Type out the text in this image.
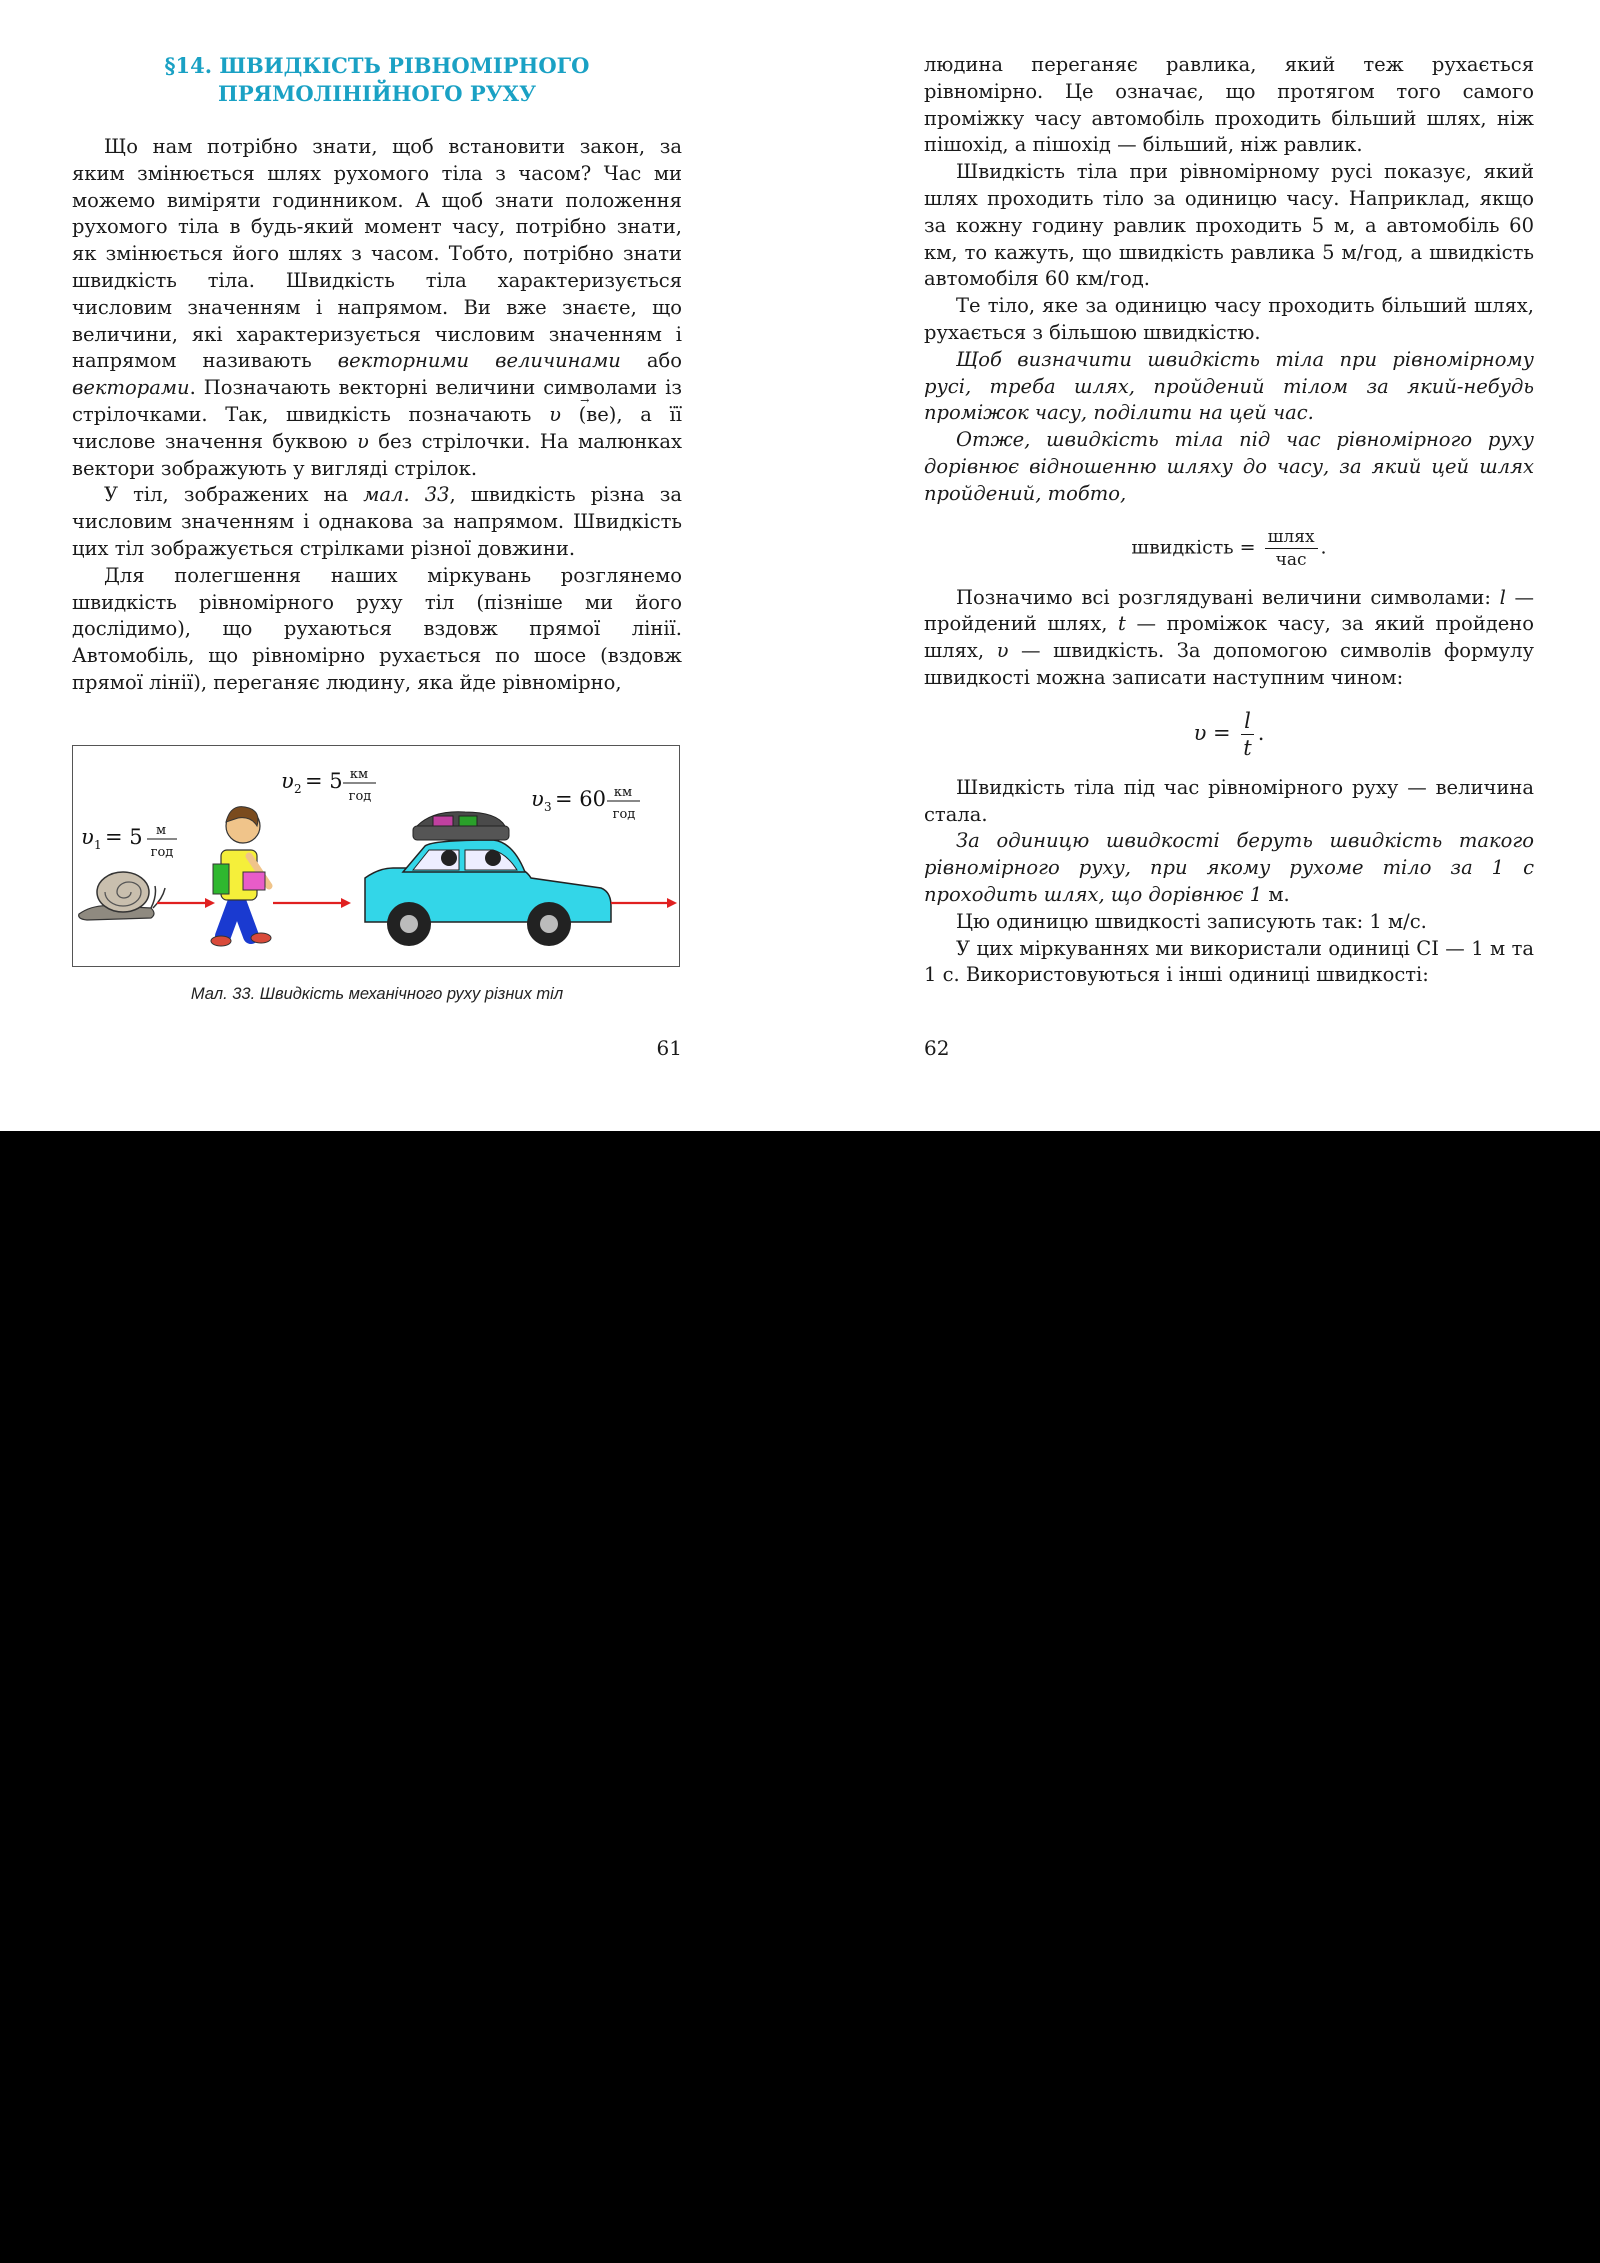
§14. ШВИДКІСТЬ РІВНОМІРНОГО
ПРЯМОЛІНІЙНОГО РУХУ

Що нам потрібно знати, щоб встановити закон, за яким змінюється шлях рухомого тіла з часом? Час ми можемо виміряти годинником. А щоб знати положення рухомого тіла в будь-який момент часу, потрібно знати, як змінюється його шлях з часом. Тобто, потрібно знати швидкість тіла. Швидкість тіла характеризується числовим значенням і напрямом. Ви вже знаєте, що величини, які характеризується числовим значенням і напрямом називають векторними величинами або векторами. Позначають векторні величини символами із стрілочками. Так, швидкість позначають → υ (ве), а її числове значення буквою υ без стрілочки. На малюнках вектори зображують у вигляді стрілок.

У тіл, зображених на мал. 33, швидкість різна за числовим значенням і однакова за напрямом. Швидкість цих тіл зображується стрілками різної довжини.

Для полегшення наших міркувань розглянемо швидкість рівномірного руху тіл (пізніше ми його дослідимо), що рухаються вздовж прямої лінії. Автомобіль, що рівномірно рухається по шосе (вздовж прямої лінії), переганяє людину, яка йде рівномірно,

υ 1 = 5 м
год
υ 2 = 5 км
год	υ 3 = 60 км
год
Мал. 33. Швидкість механічного руху різних тіл
61

людина переганяє равлика, який теж рухається рівномірно. Це означає, що протягом того самого проміжку часу автомобіль проходить більший шлях, ніж пішохід, а пішохід — більший, ніж равлик.

Швидкість тіла при рівномірному русі показує, який шлях проходить тіло за одиницю часу. Наприклад, якщо за кожну годину равлик проходить 5 м, а автомобіль 60 км, то кажуть, що швидкість равлика 5 м/год, а швидкість автомобіля 60 км/год.

Те тіло, яке за одиницю часу проходить більший шлях, рухається з більшою швидкістю.

Щоб визначити швидкість тіла при рівномірному русі, треба шлях, пройдений тілом за який-небудь проміжок часу, поділити на цей час.

Отже, швидкість тіла під час рівномірного руху дорівнює відношенню шляху до часу, за який цей шлях пройдений, тобто,

швидкість = $\frac{\text{шлях}}{\text{час}}$ .

Позначимо всі розглядувані величини символами: l — пройдений шлях, t — проміжок часу, за який пройдено шлях, υ — швидкість. За допомогою символів формулу швидкості можна записати наступним чином:

$\upsilon = \frac{l}{t}$ .

Швидкість тіла під час рівномірного руху — величина стала.

За одиницю швидкості беруть швидкість такого рівномірного руху, при якому рухоме тіло за 1 с проходить шлях, що дорівнює 1 м.

Цю одиницю швидкості записують так: 1 м/с.

У цих міркуваннях ми використали одиниці СІ — 1 м та 1 с. Використовуються і інші одиниці швидкості:

62
